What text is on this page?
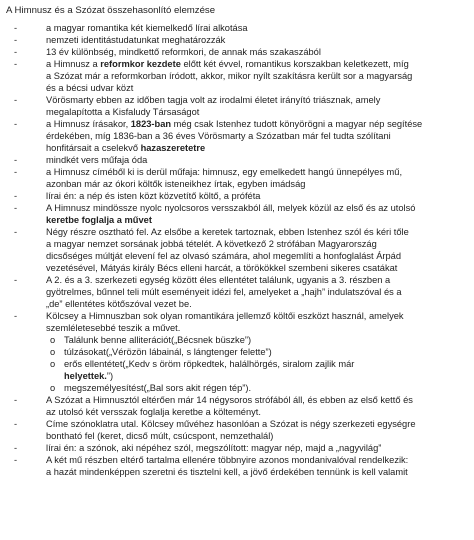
A Himnusz és a Szózat összehasonlító elemzése
-	a magyar romantika két kiemelkedő lírai alkotása
-	nemzeti identitástudatunkat meghatározzák
-	13 év különbség, mindkettő reformkori, de annak más szakaszából
-	a Himnusz a reformkor kezdete előtt két évvel, romantikus korszakban keletkezett, míg
a Szózat már a reformkorban íródott, akkor, mikor nyílt szakításra került sor a magyarság
és a bécsi udvar közt
-	Vörösmarty ebben az időben tagja volt az irodalmi életet irányító triásznak, amely
megalapította a Kisfaludy Társaságot
-	a Himnusz írásakor, 1823-ban még csak Istenhez tudott könyörögni a magyar nép segítése
érdekében, míg 1836-ban a 36 éves Vörösmarty a Szózatban már fel tudta szólítani
honfitársait a cselekvő hazaszeretetre
-	mindkét vers műfaja óda
-	a Himnusz címéből ki is derül műfaja: himnusz, egy emelkedett hangú ünnepélyes mű,
azonban már az ókori költők isteneikhez írtak, egyben imádság
-	lírai én: a nép és isten közt közvetítő költő, a próféta
-	A Himnusz mindössze nyolc nyolcsoros versszakból áll, melyek közül az első és az utolsó
keretbe foglalja a művet
-	Négy részre osztható fel. Az elsőbe a keretek tartoznak, ebben Istenhez szól és kéri tőle
a magyar nemzet sorsának jobbá tételét. A következő 2 strófában Magyarország
dicsőséges múltját elevení fel az olvasó számára, ahol megemlíti a honfoglalást Árpád
vezetésével, Mátyás király Bécs elleni harcát, a törökökkel szembeni sikeres csatákat
-	A 2. és a 3. szerkezeti egység között éles ellentétet találunk, ugyanis a 3. részben a
gyötrelmes, bűnnel teli múlt eseményeit idézi fel, amelyeket a „hajh” indulatszóval és a
„de” ellentétes kötőszóval vezet be.
-	Kölcsey a Himnuszban sok olyan romantikára jellemző költői eszközt használ, amelyek
szemléletesebbé teszik a művet.
o Találunk benne alliterációt(„Bécsnek büszke”)
o túlzásokat(„Vérözön lábainál, s lángtenger felette”)
o erős ellentétet(„Kedv s öröm röpkedtek, halálhörgés, siralom zajlik már
helyettek.”)
o megszemélyesítést(„Bal sors akit régen tép”).
-	A Szózat a Himnusztól eltérően már 14 négysoros strófából áll, és ebben az első kettő és
az utolsó két versszak foglalja keretbe a költeményt.
-	Címe szónoklatra utal. Kölcsey művéhez hasonlóan a Szózat is négy szerkezeti egységre
bontható fel (keret, dicső múlt, csúcspont, nemzethalál)
-	lírai én: a szónok, aki népéhez szól, megszólított: magyar nép, majd a „nagyvilág”
-	A két mű részben eltérő tartalma ellenére többnyire azonos mondanivalóval rendelkezik:
a hazát mindenképpen szeretni és tisztelni kell, a jövő érdekében tennünk is kell valamit
